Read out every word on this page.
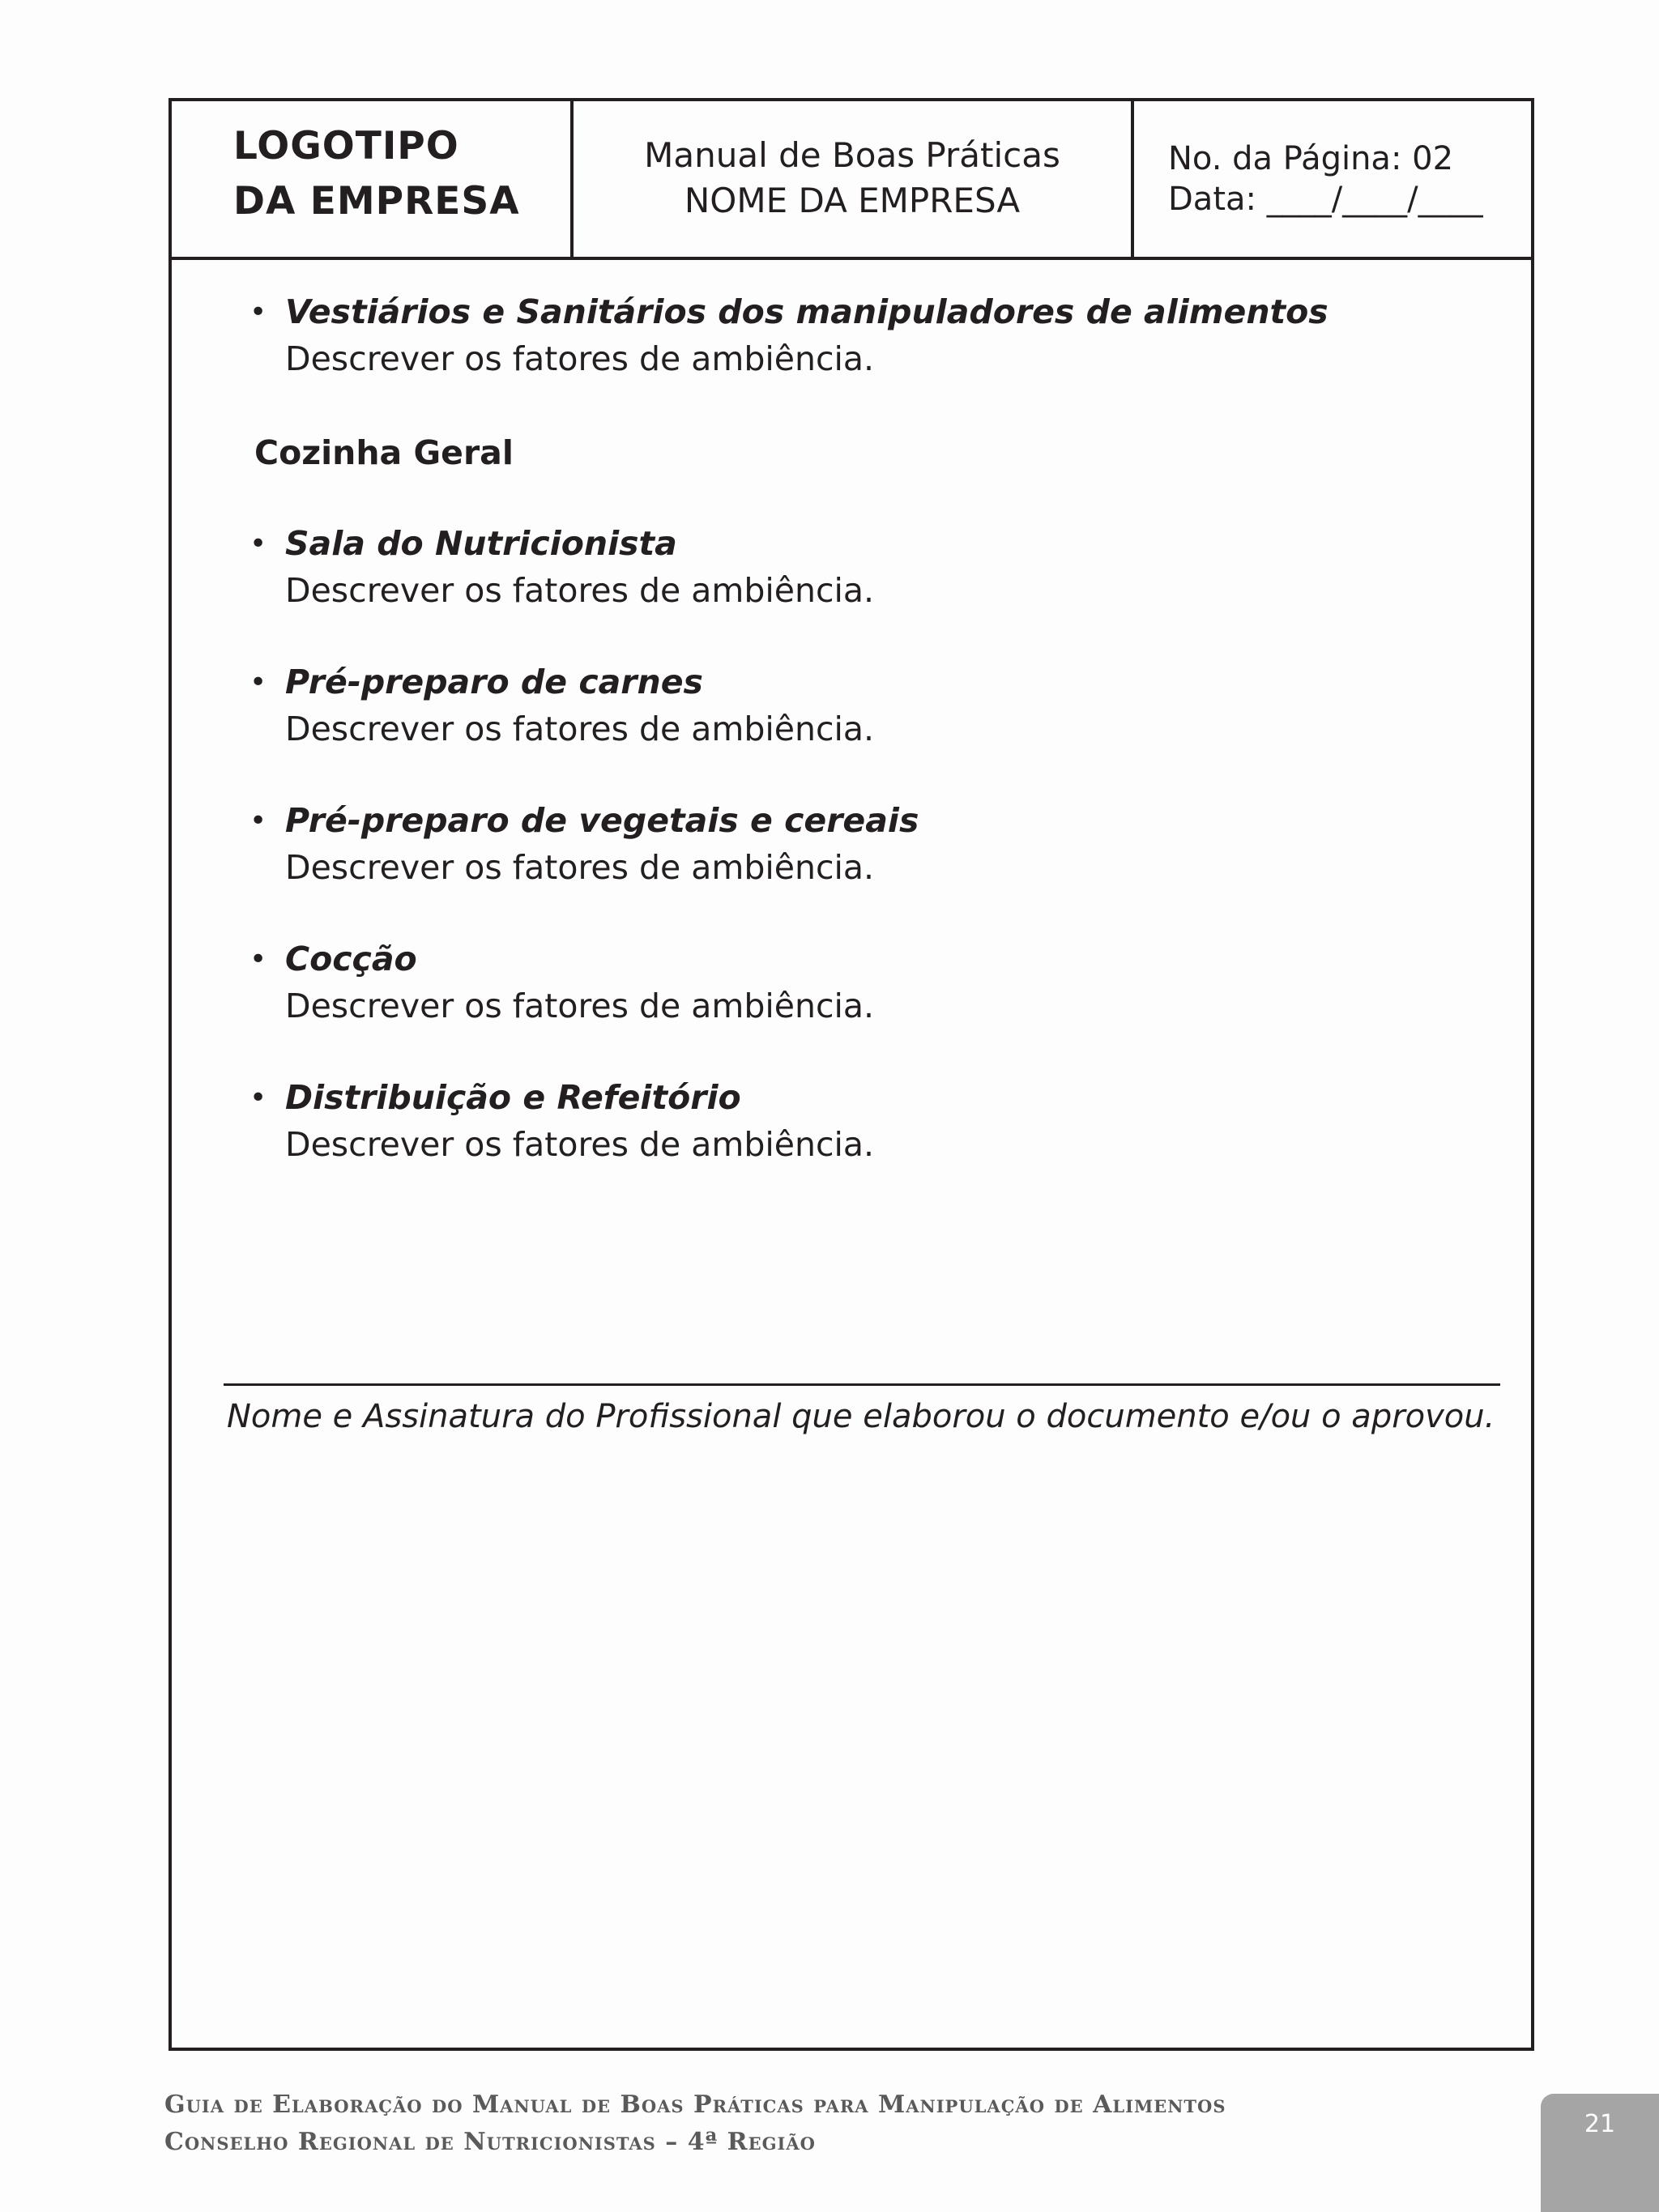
LOGOTIPO
DA EMPRESA
Manual de Boas Práticas
NOME DA EMPRESA
No. da Página: 02
Data: ____/____/____
• Vestiários e Sanitários dos manipuladores de alimentos
Descrever os fatores de ambiência.
Cozinha Geral
• Sala do Nutricionista
Descrever os fatores de ambiência.
• Pré-preparo de carnes
Descrever os fatores de ambiência.
• Pré-preparo de vegetais e cereais
Descrever os fatores de ambiência.
• Cocção
Descrever os fatores de ambiência.
• Distribuição e Refeitório
Descrever os fatores de ambiência.
Nome e Assinatura do Profissional que elaborou o documento e/ou o aprovou.
Guia de Elaboração do Manual de Boas Práticas para Manipulação de Alimentos
Conselho Regional de Nutricionistas – 4ª Região
21
